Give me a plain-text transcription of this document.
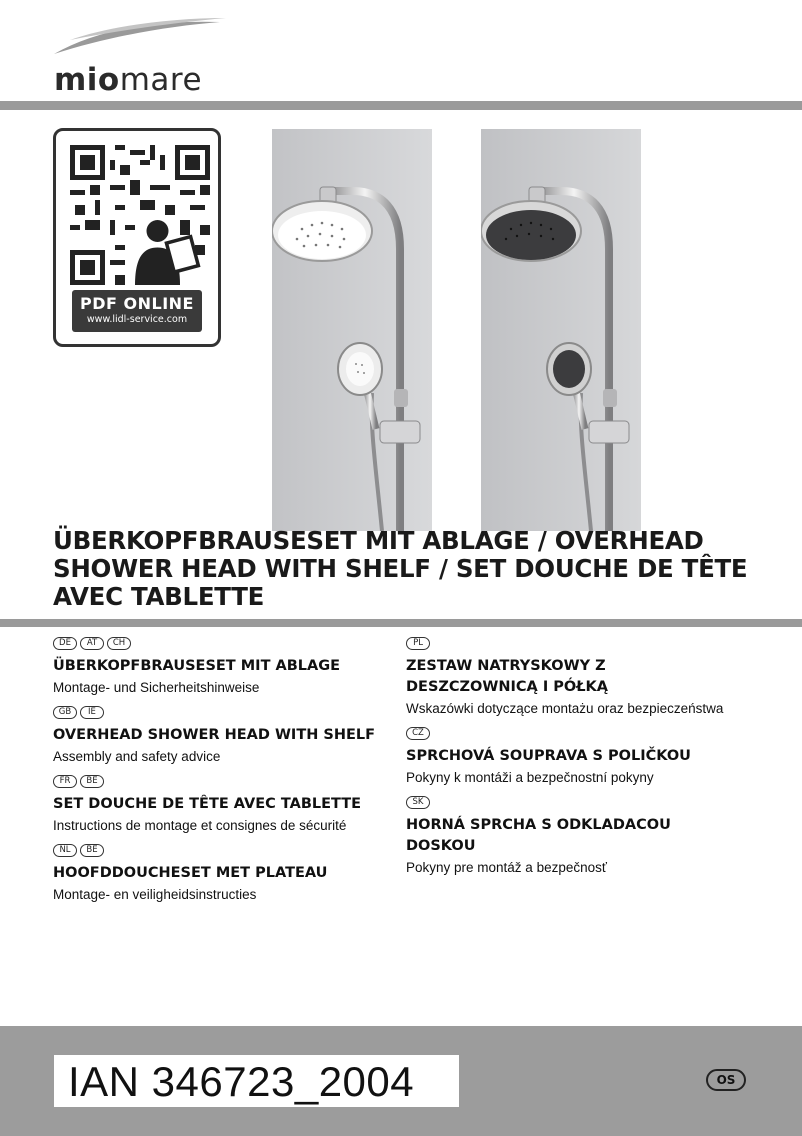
miomare
PDF ONLINE
www.lidl-service.com
ÜBERKOPFBRAUSESET MIT ABLAGE / OVERHEAD SHOWER HEAD WITH SHELF / SET DOUCHE DE TÊTE AVEC TABLETTE
DE	AT	CH
ÜBERKOPFBRAUSESET MIT ABLAGE
Montage- und Sicherheitshinweise
GB	IE
OVERHEAD SHOWER HEAD WITH SHELF
Assembly and safety advice
FR	BE
SET DOUCHE DE TÊTE AVEC TABLETTE
Instructions de montage et consignes de sécurité
NL	BE
HOOFDDOUCHESET MET PLATEAU
Montage- en veiligheidsinstructies
PL
ZESTAW NATRYSKOWY Z DESZCZOWNICĄ I PÓŁKĄ
Wskazówki dotyczące montażu oraz bezpieczeństwa
CZ
SPRCHOVÁ SOUPRAVA S POLIČKOU
Pokyny k montáži a bezpečnostní pokyny
SK
HORNÁ SPRCHA S ODKLADACOU DOSKOU
Pokyny pre montáž a bezpečnosť
IAN 346723_2004	OS
